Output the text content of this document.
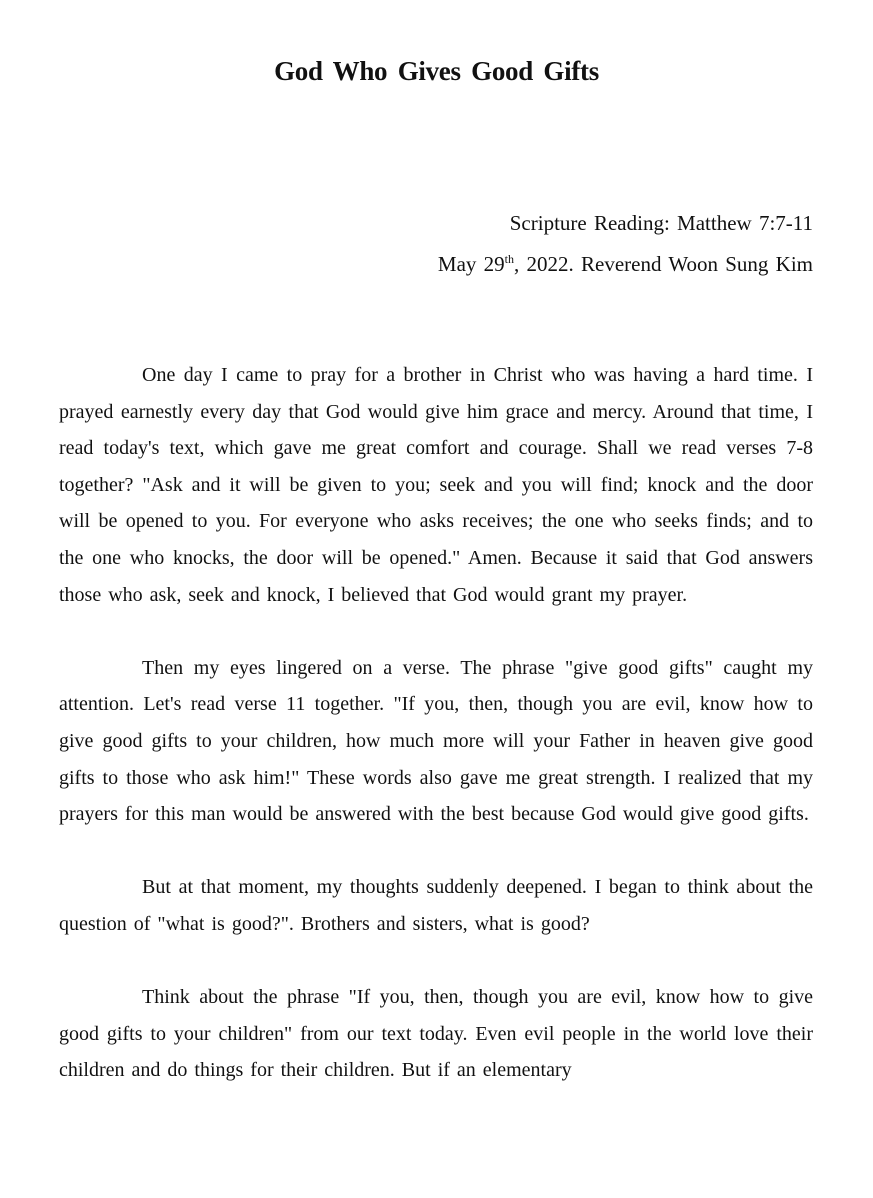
God Who Gives Good Gifts
Scripture Reading: Matthew 7:7-11
May 29th, 2022. Reverend Woon Sung Kim

One day I came to pray for a brother in Christ who was having a hard time. I prayed earnestly every day that God would give him grace and mercy. Around that time, I read today's text, which gave me great comfort and courage. Shall we read verses 7-8 together? "Ask and it will be given to you; seek and you will find; knock and the door will be opened to you. For everyone who asks receives; the one who seeks finds; and to the one who knocks, the door will be opened." Amen. Because it said that God answers those who ask, seek and knock, I believed that God would grant my prayer.

Then my eyes lingered on a verse. The phrase "give good gifts" caught my attention. Let's read verse 11 together. "If you, then, though you are evil, know how to give good gifts to your children, how much more will your Father in heaven give good gifts to those who ask him!" These words also gave me great strength. I realized that my prayers for this man would be answered with the best because God would give good gifts.

But at that moment, my thoughts suddenly deepened. I began to think about the question of "what is good?". Brothers and sisters, what is good?

Think about the phrase "If you, then, though you are evil, know how to give good gifts to your children" from our text today. Even evil people in the world love their children and do things for their children. But if an elementary
